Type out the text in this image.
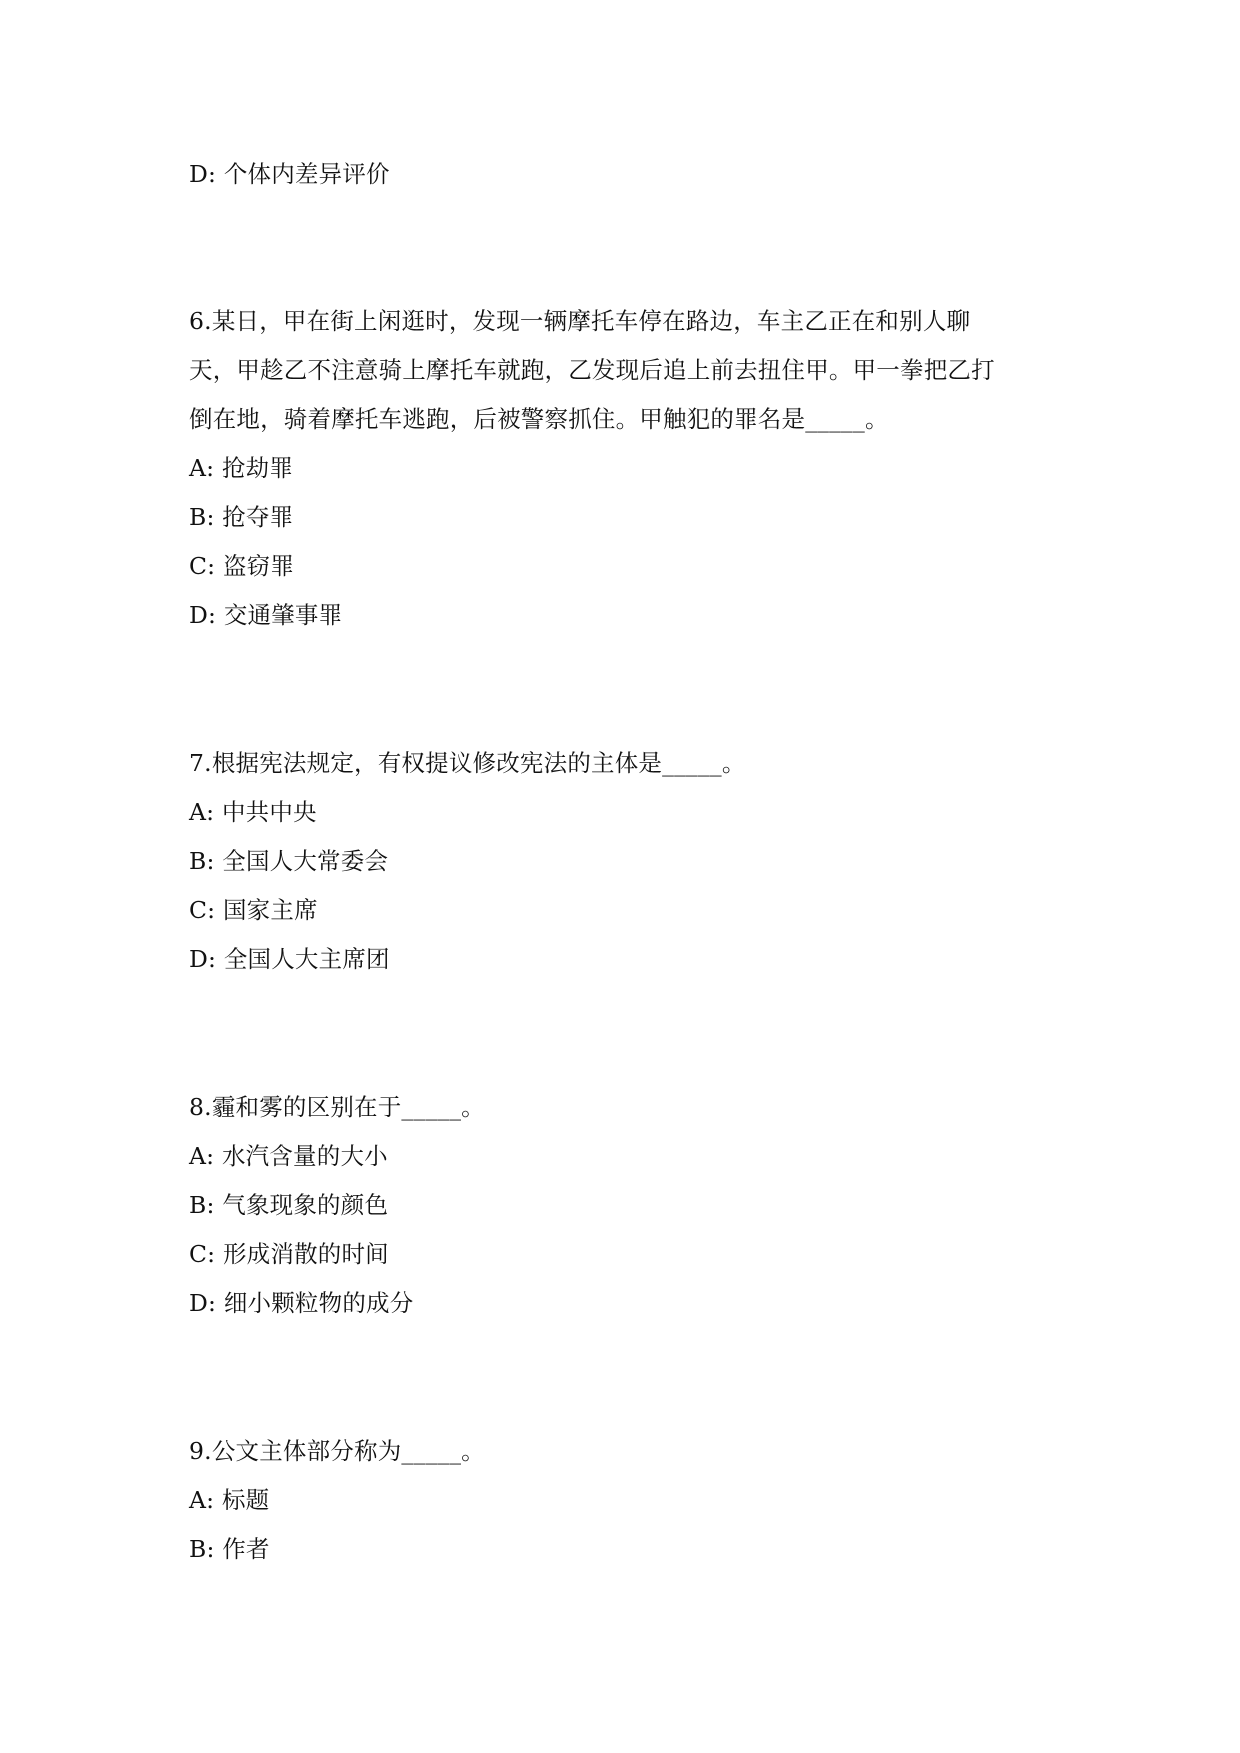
D: 个体内差异评价
6.某日，甲在街上闲逛时，发现一辆摩托车停在路边，车主乙正在和别人聊
天，甲趁乙不注意骑上摩托车就跑，乙发现后追上前去扭住甲。甲一拳把乙打
倒在地，骑着摩托车逃跑，后被警察抓住。甲触犯的罪名是_____。
A: 抢劫罪
B: 抢夺罪
C: 盗窃罪
D: 交通肇事罪
7.根据宪法规定，有权提议修改宪法的主体是_____。
A: 中共中央
B: 全国人大常委会
C: 国家主席
D: 全国人大主席团
8.霾和雾的区别在于_____。
A: 水汽含量的大小
B: 气象现象的颜色
C: 形成消散的时间
D: 细小颗粒物的成分
9.公文主体部分称为_____。
A: 标题
B: 作者
